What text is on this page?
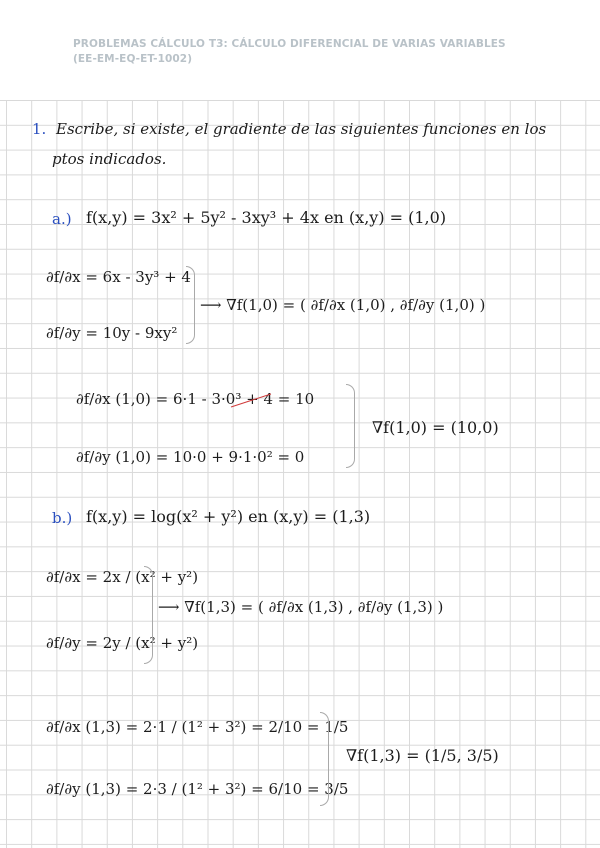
PROBLEMAS CÁLCULO T3: CÁLCULO DIFERENCIAL DE VARIAS VARIABLES
(EE-EM-EQ-ET-1002)
1. Escribe, si existe, el gradiente de las siguientes funciones en los
ptos indicados.
a.) f(x,y) = 3x² + 5y² - 3xy³ + 4x en (x,y) = (1,0)
∂f/∂x = 6x - 3y³ + 4
∂f/∂y = 10y - 9xy²
⟶ ∇f(1,0) = ( ∂f/∂x (1,0) , ∂f/∂y (1,0) )
∂f/∂x (1,0) = 6·1 - 3·0³ + 4 = 10
∂f/∂y (1,0) = 10·0 + 9·1·0² = 0
∇f(1,0) = (10,0)
b.) f(x,y) = log(x² + y²) en (x,y) = (1,3)
∂f/∂x = 2x / (x² + y²)
∂f/∂y = 2y / (x² + y²)
⟶ ∇f(1,3) = ( ∂f/∂x (1,3) , ∂f/∂y (1,3) )
∂f/∂x (1,3) = 2·1 / (1² + 3²) = 2/10 = 1/5
∂f/∂y (1,3) = 2·3 / (1² + 3²) = 6/10 = 3/5
∇f(1,3) = (1/5, 3/5)
